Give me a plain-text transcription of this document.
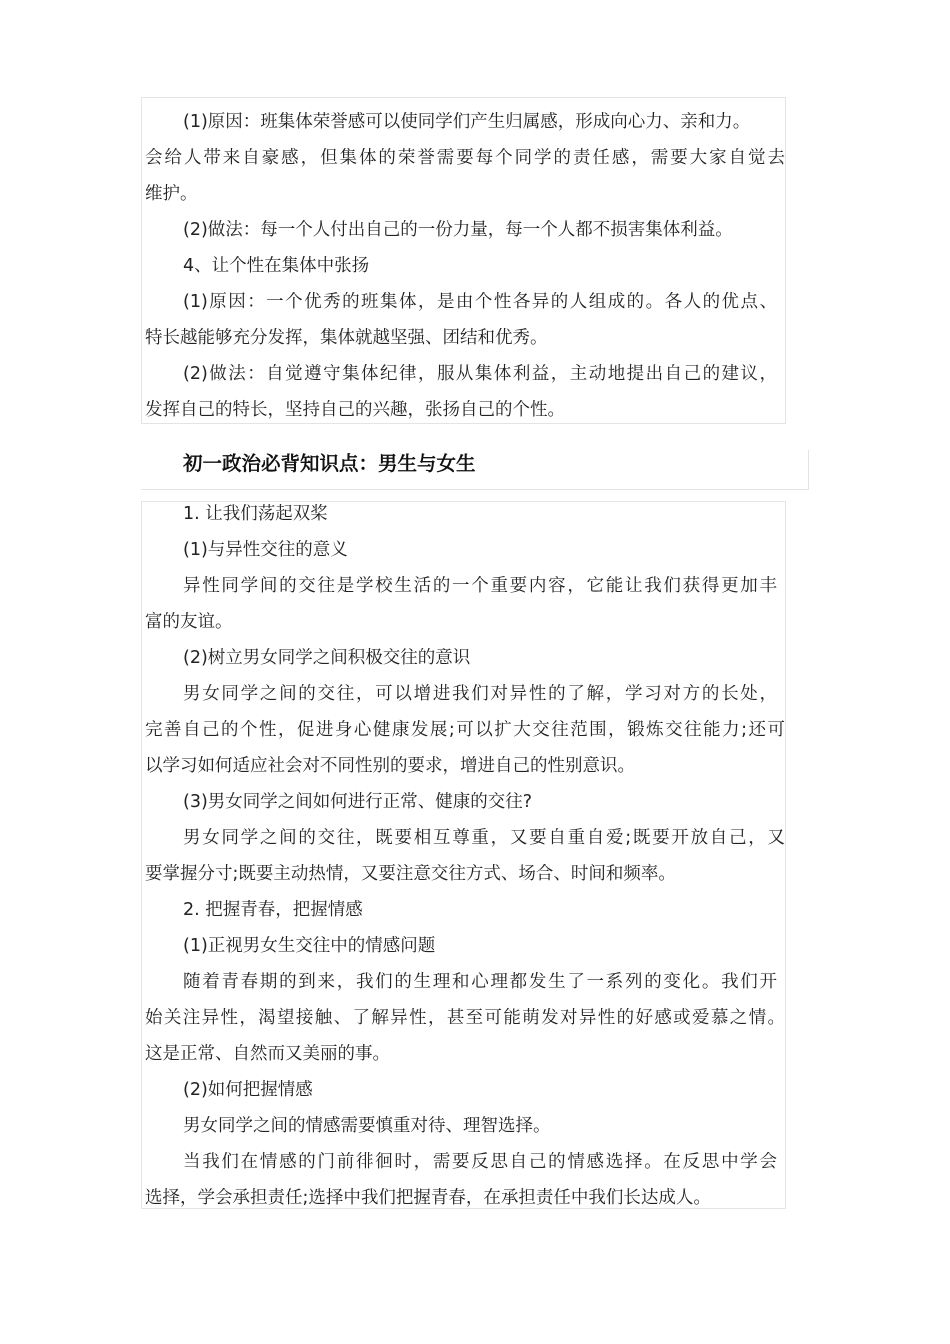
(1)原因：班集体荣誉感可以使同学们产生归属感，形成向心力、亲和力。
会给人带来自豪感，但集体的荣誉需要每个同学的责任感，需要大家自觉去
维护。
(2)做法：每一个人付出自己的一份力量，每一个人都不损害集体利益。
4、让个性在集体中张扬
(1)原因：一个优秀的班集体，是由个性各异的人组成的。各人的优点、
特长越能够充分发挥，集体就越坚强、团结和优秀。
(2)做法：自觉遵守集体纪律，服从集体利益，主动地提出自己的建议，
发挥自己的特长，坚持自己的兴趣，张扬自己的个性。
初一政治必背知识点：男生与女生
1. 让我们荡起双桨
(1)与异性交往的意义
异性同学间的交往是学校生活的一个重要内容，它能让我们获得更加丰
富的友谊。
(2)树立男女同学之间积极交往的意识
男女同学之间的交往，可以增进我们对异性的了解，学习对方的长处，
完善自己的个性，促进身心健康发展;可以扩大交往范围，锻炼交往能力;还可
以学习如何适应社会对不同性别的要求，增进自己的性别意识。
(3)男女同学之间如何进行正常、健康的交往?
男女同学之间的交往，既要相互尊重，又要自重自爱;既要开放自己，又
要掌握分寸;既要主动热情，又要注意交往方式、场合、时间和频率。
2. 把握青春，把握情感
(1)正视男女生交往中的情感问题
随着青春期的到来，我们的生理和心理都发生了一系列的变化。我们开
始关注异性，渴望接触、了解异性，甚至可能萌发对异性的好感或爱慕之情。
这是正常、自然而又美丽的事。
(2)如何把握情感
男女同学之间的情感需要慎重对待、理智选择。
当我们在情感的门前徘徊时，需要反思自己的情感选择。在反思中学会
选择，学会承担责任;选择中我们把握青春，在承担责任中我们长达成人。
